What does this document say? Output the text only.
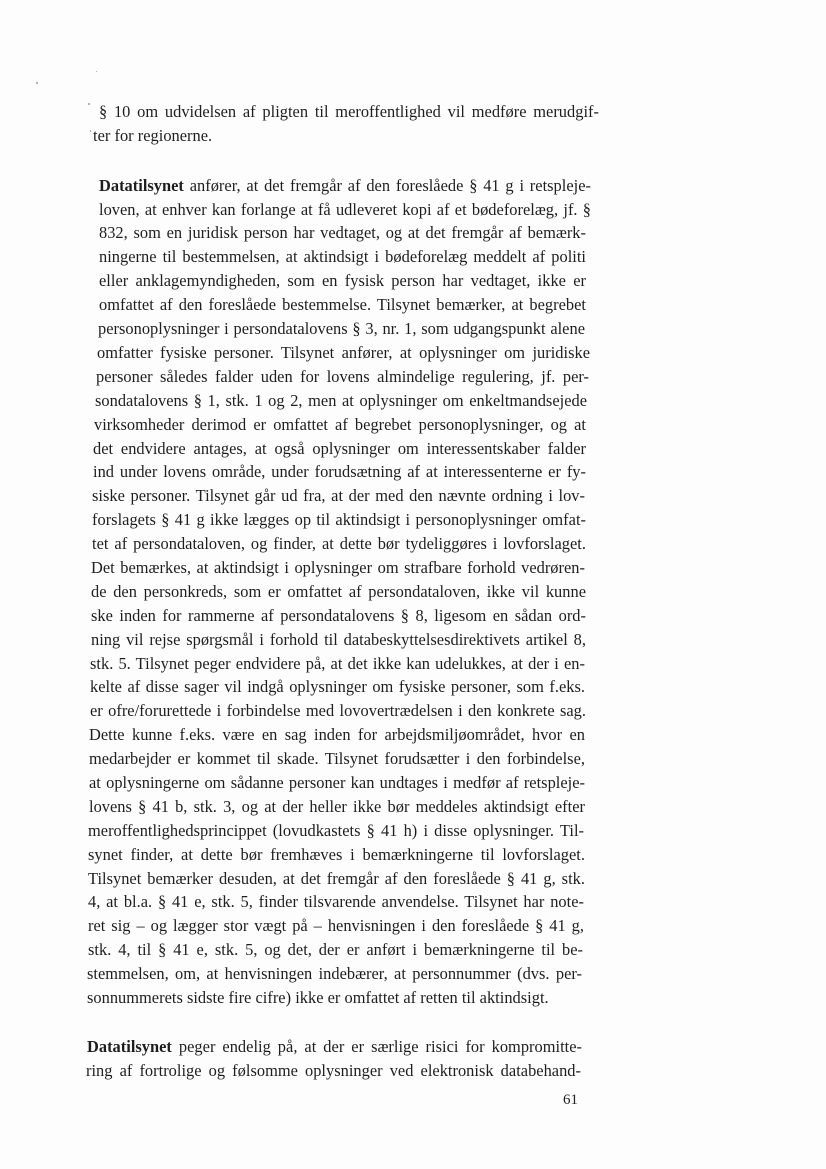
§ 10 om udvidelsen af pligten til meroffentlighed vil medføre merudgif-
ter for regionerne.
Datatilsynet anfører, at det fremgår af den foreslåede § 41 g i retspleje-
loven, at enhver kan forlange at få udleveret kopi af et bødeforelæg, jf. §
832, som en juridisk person har vedtaget, og at det fremgår af bemærk-
ningerne til bestemmelsen, at aktindsigt i bødeforelæg meddelt af politi
eller anklagemyndigheden, som en fysisk person har vedtaget, ikke er
omfattet af den foreslåede bestemmelse. Tilsynet bemærker, at begrebet
personoplysninger i persondatalovens § 3, nr. 1, som udgangspunkt alene
omfatter fysiske personer. Tilsynet anfører, at oplysninger om juridiske
personer således falder uden for lovens almindelige regulering, jf. per-
sondatalovens § 1, stk. 1 og 2, men at oplysninger om enkeltmandsejede
virksomheder derimod er omfattet af begrebet personoplysninger, og at
det endvidere antages, at også oplysninger om interessentskaber falder
ind under lovens område, under forudsætning af at interessenterne er fy-
siske personer. Tilsynet går ud fra, at der med den nævnte ordning i lov-
forslagets § 41 g ikke lægges op til aktindsigt i personoplysninger omfat-
tet af persondataloven, og finder, at dette bør tydeliggøres i lovforslaget.
Det bemærkes, at aktindsigt i oplysninger om strafbare forhold vedrøren-
de den personkreds, som er omfattet af persondataloven, ikke vil kunne
ske inden for rammerne af persondatalovens § 8, ligesom en sådan ord-
ning vil rejse spørgsmål i forhold til databeskyttelsesdirektivets artikel 8,
stk. 5. Tilsynet peger endvidere på, at det ikke kan udelukkes, at der i en-
kelte af disse sager vil indgå oplysninger om fysiske personer, som f.eks.
er ofre/forurettede i forbindelse med lovovertrædelsen i den konkrete sag.
Dette kunne f.eks. være en sag inden for arbejdsmiljøområdet, hvor en
medarbejder er kommet til skade. Tilsynet forudsætter i den forbindelse,
at oplysningerne om sådanne personer kan undtages i medfør af retspleje-
lovens § 41 b, stk. 3, og at der heller ikke bør meddeles aktindsigt efter
meroffentlighedsprincippet (lovudkastets § 41 h) i disse oplysninger. Til-
synet finder, at dette bør fremhæves i bemærkningerne til lovforslaget.
Tilsynet bemærker desuden, at det fremgår af den foreslåede § 41 g, stk.
4, at bl.a. § 41 e, stk. 5, finder tilsvarende anvendelse. Tilsynet har note-
ret sig – og lægger stor vægt på – henvisningen i den foreslåede § 41 g,
stk. 4, til § 41 e, stk. 5, og det, der er anført i bemærkningerne til be-
stemmelsen, om, at henvisningen indebærer, at personnummer (dvs. per-
sonnummerets sidste fire cifre) ikke er omfattet af retten til aktindsigt.
Datatilsynet peger endelig på, at der er særlige risici for kompromitte-
ring af fortrolige og følsomme oplysninger ved elektronisk databehand-
61
